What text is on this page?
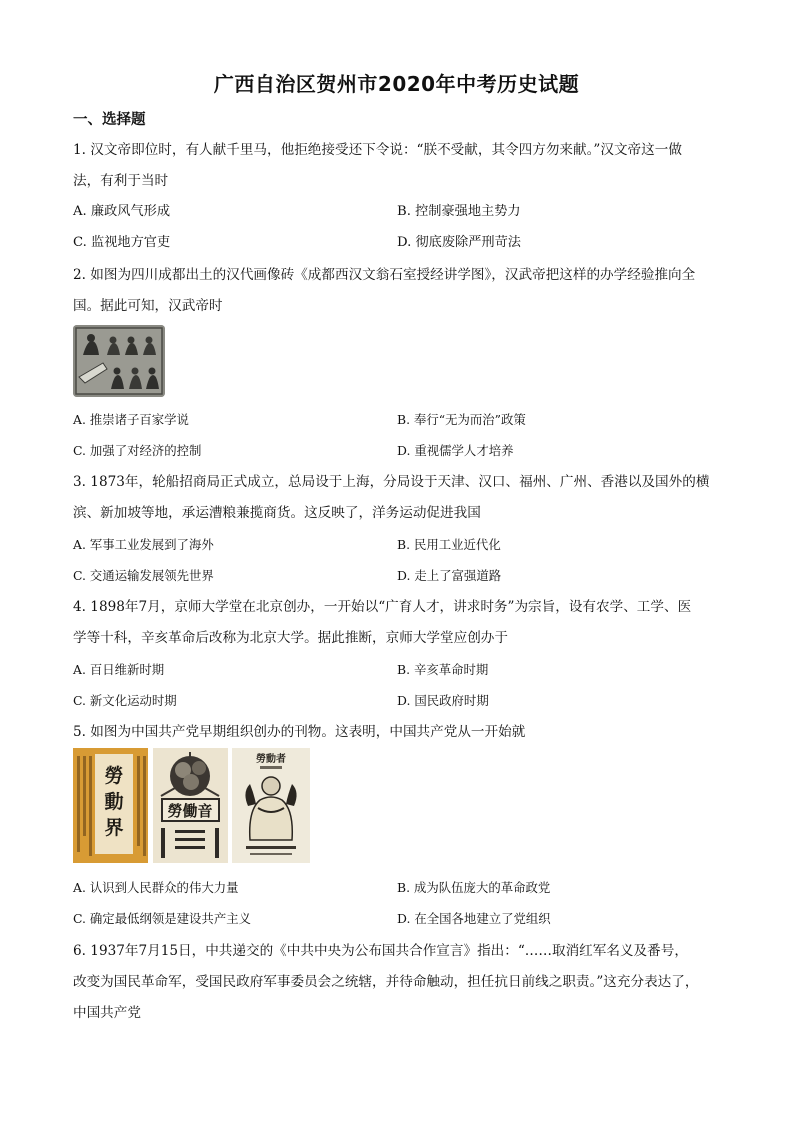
广西自治区贺州市2020年中考历史试题
一、选择题
1. 汉文帝即位时，有人献千里马，他拒绝接受还下令说：“朕不受献，其令四方勿来献。”汉文帝这一做
法，有利于当时
A. 廉政风气形成	B. 控制豪强地主势力
C. 监视地方官吏	D. 彻底废除严刑苛法
2. 如图为四川成都出土的汉代画像砖《成都西汉文翁石室授经讲学图》，汉武帝把这样的办学经验推向全
国。据此可知，汉武帝时
A. 推崇诸子百家学说	B. 奉行“无为而治”政策
C. 加强了对经济的控制	D. 重视儒学人才培养
3. 1873年，轮船招商局正式成立，总局设于上海，分局设于天津、汉口、福州、广州、香港以及国外的横
滨、新加坡等地，承运漕粮兼揽商货。这反映了，洋务运动促进我国
A. 军事工业发展到了海外	B. 民用工业近代化
C. 交通运输发展领先世界	D. 走上了富强道路
4. 1898年7月，京师大学堂在北京创办，一开始以“广育人才，讲求时务”为宗旨，设有农学、工学、医
学等十科，辛亥革命后改称为北京大学。据此推断，京师大学堂应创办于
A. 百日维新时期	B. 辛亥革命时期
C. 新文化运动时期	D. 国民政府时期
5. 如图为中国共产党早期组织创办的刊物。这表明，中国共产党从一开始就
勞
動
界
勞働音
勞動者
A. 认识到人民群众的伟大力量	B. 成为队伍庞大的革命政党
C. 确定最低纲领是建设共产主义	D. 在全国各地建立了党组织
6. 1937年7月15日，中共递交的《中共中央为公布国共合作宣言》指出：“……取消红军名义及番号，
改变为国民革命军，受国民政府军事委员会之统辖，并待命触动，担任抗日前线之职责。”这充分表达了，
中国共产党
